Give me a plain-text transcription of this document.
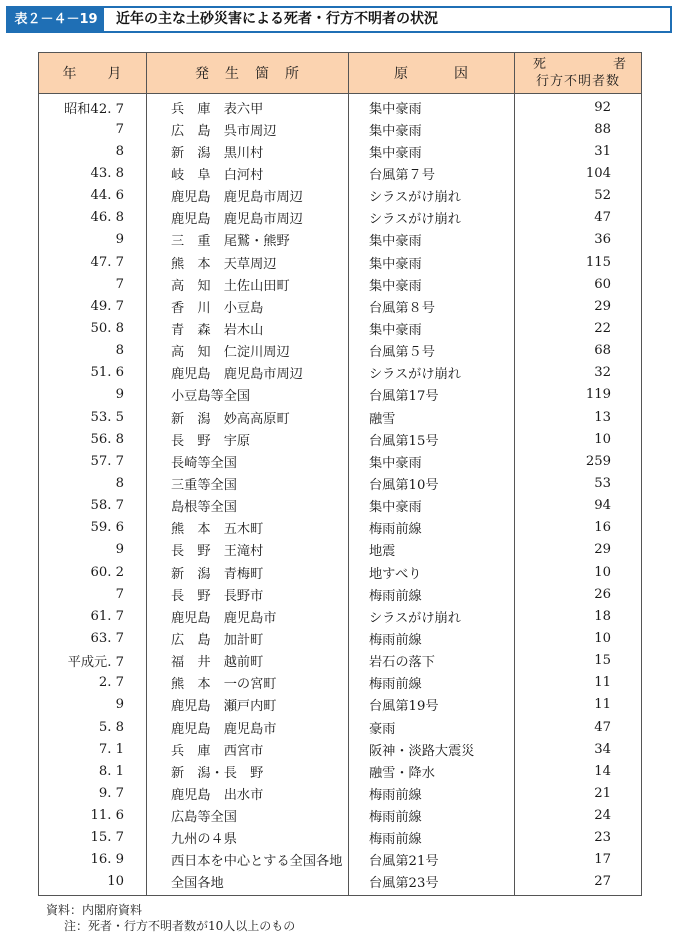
表２－４－19	近年の主な土砂災害による死者・行方不明者の状況
年　　月	発　生　箇　所	原　　　因	死 者
行方不明者数

昭和42. 7	兵　庫　表六甲	集中豪雨	92
7	広　島　呉市周辺	集中豪雨	88
8	新　潟　黒川村	集中豪雨	31
43. 8	岐　阜　白河村	台風第７号	104
44. 6	鹿児島　鹿児島市周辺	シラスがけ崩れ	52
46. 8	鹿児島　鹿児島市周辺	シラスがけ崩れ	47
9	三　重　尾鷲・熊野	集中豪雨	36
47. 7	熊　本　天草周辺	集中豪雨	115
7	高　知　土佐山田町	集中豪雨	60
49. 7	香　川　小豆島	台風第８号	29
50. 8	青　森　岩木山	集中豪雨	22
8	高　知　仁淀川周辺	台風第５号	68
51. 6	鹿児島　鹿児島市周辺	シラスがけ崩れ	32
9	小豆島等全国	台風第17号	119
53. 5	新　潟　妙高高原町	融雪	13
56. 8	長　野　宇原	台風第15号	10
57. 7	長崎等全国	集中豪雨	259
8	三重等全国	台風第10号	53
58. 7	島根等全国	集中豪雨	94
59. 6	熊　本　五木町	梅雨前線	16
9	長　野　王滝村	地震	29
60. 2	新　潟　青梅町	地すべり	10
7	長　野　長野市	梅雨前線	26
61. 7	鹿児島　鹿児島市	シラスがけ崩れ	18
63. 7	広　島　加計町	梅雨前線	10
平成元. 7	福　井　越前町	岩石の落下	15
2. 7	熊　本　一の宮町	梅雨前線	11
9	鹿児島　瀬戸内町	台風第19号	11
5. 8	鹿児島　鹿児島市	豪雨	47
7. 1	兵　庫　西宮市	阪神・淡路大震災	34
8. 1	新　潟・長　野	融雪・降水	14
9. 7	鹿児島　出水市	梅雨前線	21
11. 6	広島等全国	梅雨前線	24
15. 7	九州の４県	梅雨前線	23
16. 9	西日本を中心とする全国各地	台風第21号	17
10	全国各地	台風第23号	27
資料：内閣府資料
注：死者・行方不明者数が10人以上のもの
